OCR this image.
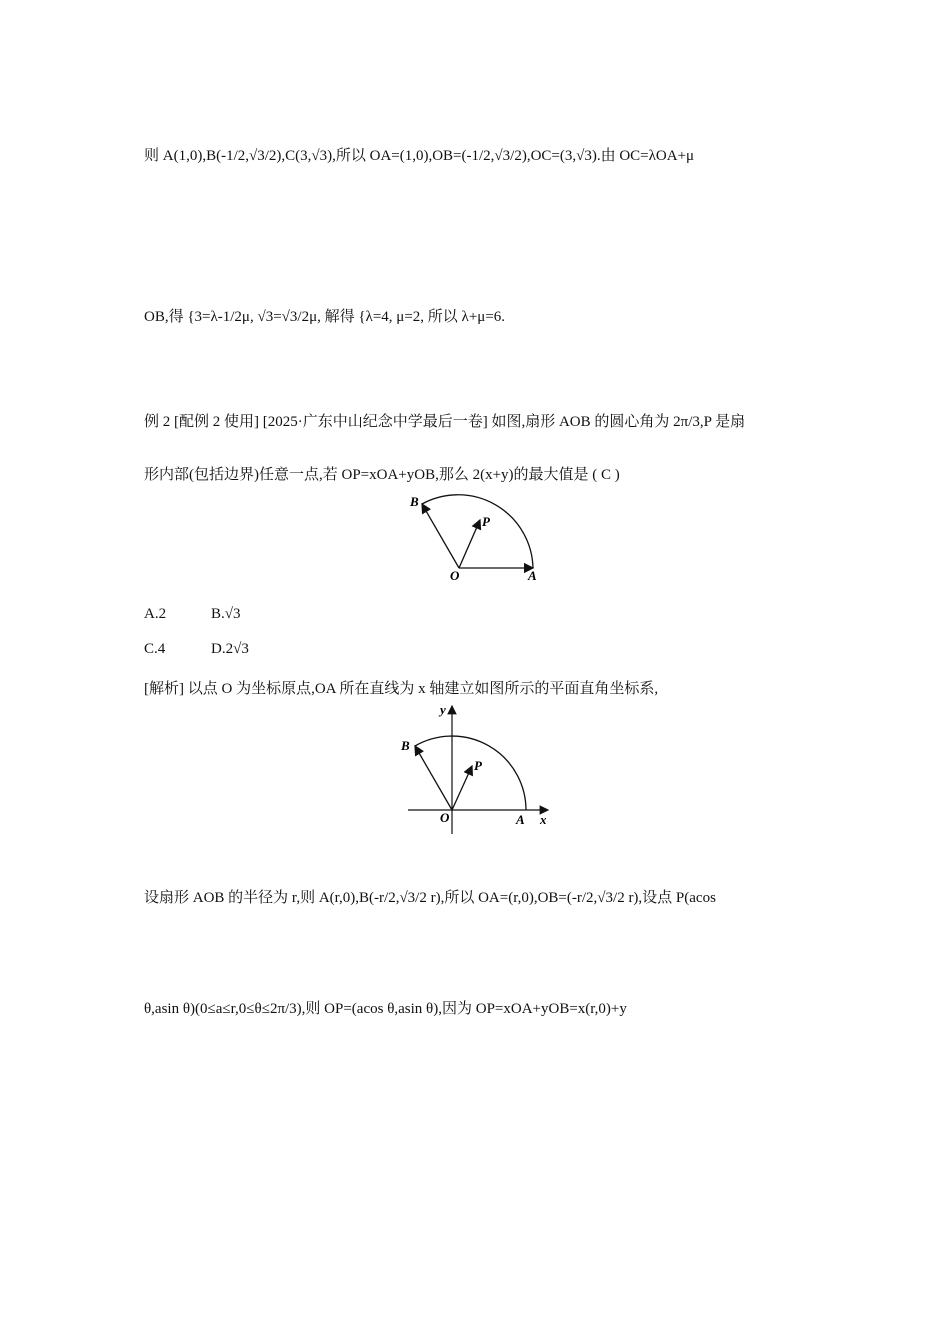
则 A(1,0),B(-1/2,√3/2),C(3,√3),所以 OA=(1,0),OB=(-1/2,√3/2),OC=(3,√3).由 OC=λOA+μ
OB,得 {3=λ-1/2μ, √3=√3/2μ, 解得 {λ=4, μ=2, 所以 λ+μ=6.
例 2 [配例 2 使用] [2025·广东中山纪念中学最后一卷] 如图,扇形 AOB 的圆心角为 2π/3,P 是扇
形内部(包括边界)任意一点,若 OP=xOA+yOB,那么 2(x+y)的最大值是 ( C )
B
P
O	A
A.2	B.√3
C.4	D.2√3
[解析] 以点 O 为坐标原点,OA 所在直线为 x 轴建立如图所示的平面直角坐标系,
y
B
P
O	A x
设扇形 AOB 的半径为 r,则 A(r,0),B(-r/2,√3/2 r),所以 OA=(r,0),OB=(-r/2,√3/2 r),设点 P(acos
θ,asin θ)(0≤a≤r,0≤θ≤2π/3),则 OP=(acos θ,asin θ),因为 OP=xOA+yOB=x(r,0)+y
